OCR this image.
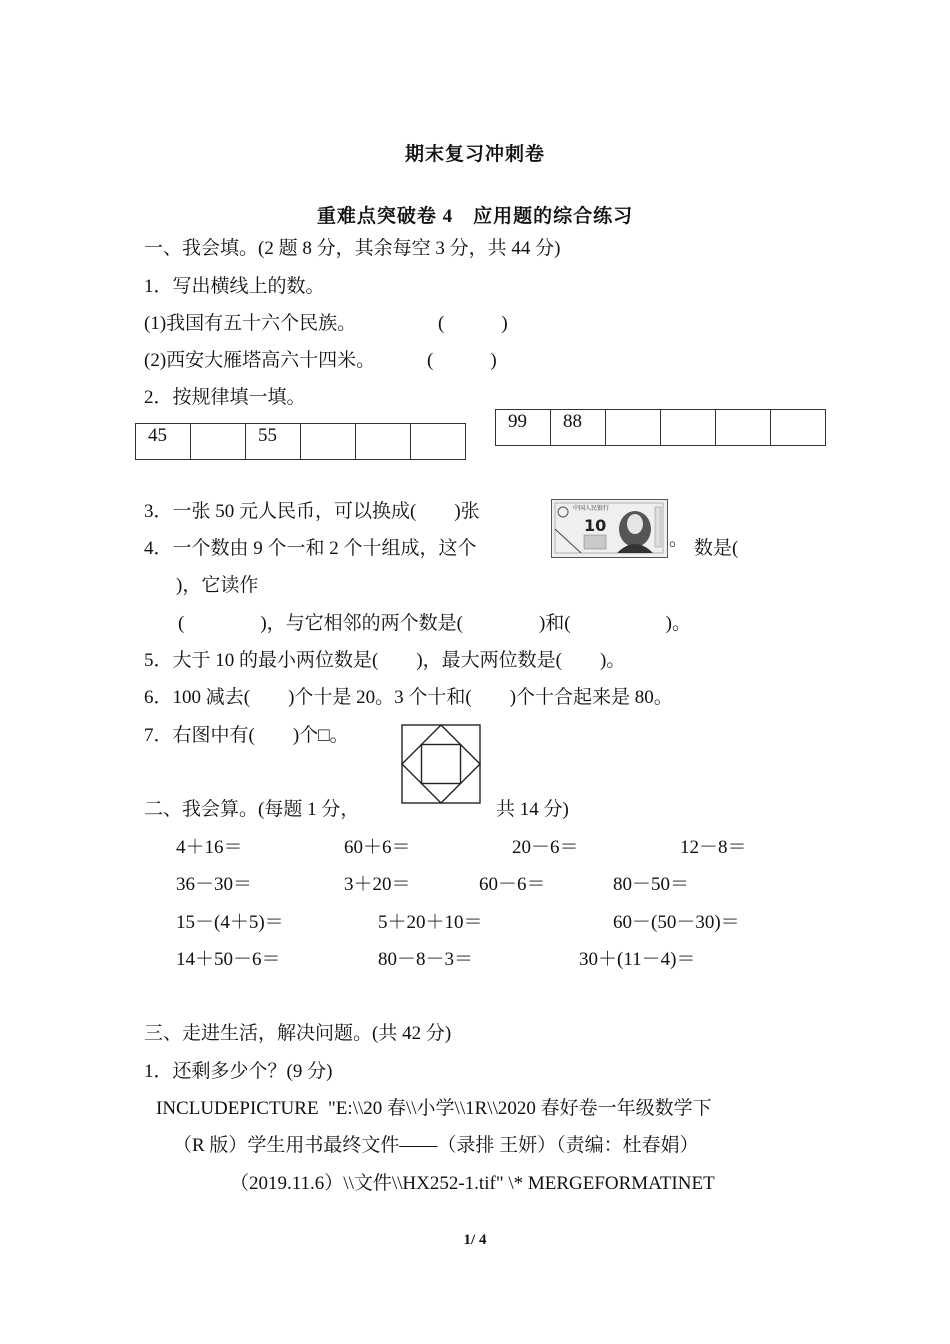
期末复习冲刺卷
重难点突破卷 4　应用题的综合练习
一、我会填。(2 题 8 分，其余每空 3 分，共 44 分)
1．写出横线上的数。
(1)我国有五十六个民族。	(　　　)
(2)西安大雁塔高六十四米。	(　　　)
2．按规律填一填。
45		55			
99	88				
3．一张 50 元人民币，可以换成(　　)张	中国人民银行
10
。
4．一个数由 9 个一和 2 个十组成，这个	数是(
)，它读作
(　　　　)，与它相邻的两个数是(　　　　)和(　　　　　)。
5．大于 10 的最小两位数是(　　)，最大两位数是(　　)。
6．100 减去(　　)个十是 20。3 个十和(　　)个十合起来是 80。
7．右图中有(　　)个□。
二、我会算。(每题 1 分，	共 14 分)
4＋16＝	60＋6＝	20－6＝	12－8＝
36－30＝	3＋20＝	60－6＝	80－50＝
15－(4＋5)＝	5＋20＋10＝	60－(50－30)＝
14＋50－6＝	80－8－3＝	30＋(11－4)＝
三、走进生活，解决问题。(共 42 分)
1．还剩多少个？(9 分)
INCLUDEPICTURE  "E:\\20 春\\小学\\1R\\2020 春好卷一年级数学下
（R 版）学生用书最终文件——（录排 王妍）（责编：杜春娟）
（2019.11.6）\\文件\\HX252-1.tif" \* MERGEFORMATINET
1/ 4
